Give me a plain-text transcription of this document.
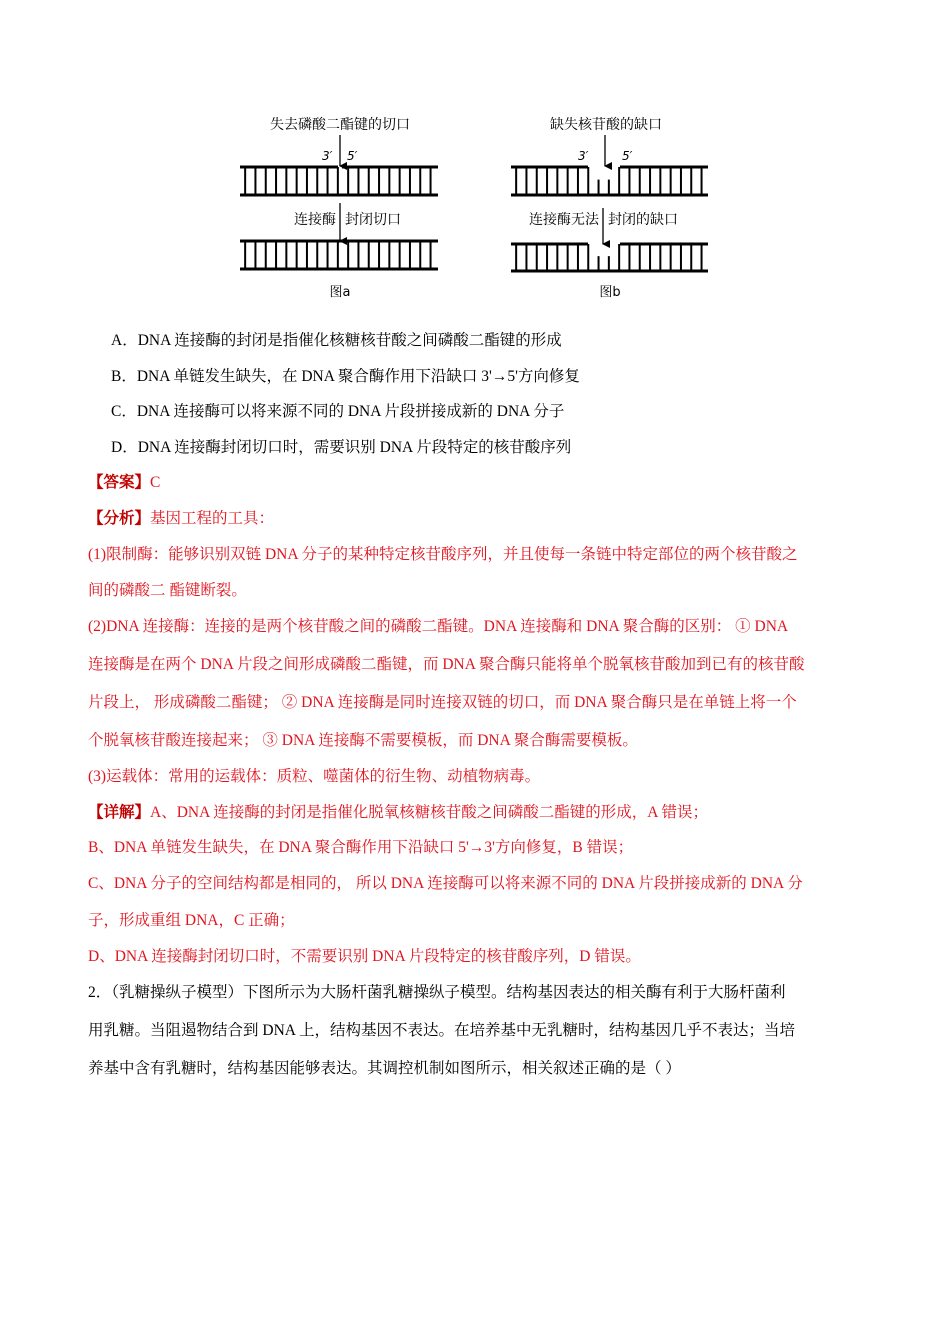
失去磷酸二酯键的切口
3′ 5′
连接酶 封闭切口
图a
缺失核苷酸的缺口
3′	5′
连接酶无法 封闭的缺口
图b
A．DNA 连接酶的封闭是指催化核糖核苷酸之间磷酸二酯键的形成
B．DNA 单链发生缺失，在 DNA 聚合酶作用下沿缺口 3'→5'方向修复
C．DNA 连接酶可以将来源不同的 DNA 片段拼接成新的 DNA 分子
D．DNA 连接酶封闭切口时，需要识别 DNA 片段特定的核苷酸序列
【答案】C
【分析】基因工程的工具：
(1)限制酶：能够识别双链 DNA 分子的某种特定核苷酸序列，并且使每一条链中特定部位的两个核苷酸之
间的磷酸二 酯键断裂。
(2)DNA 连接酶：连接的是两个核苷酸之间的磷酸二酯键。DNA 连接酶和 DNA 聚合酶的区别： ① DNA
连接酶是在两个 DNA 片段之间形成磷酸二酯键，而 DNA 聚合酶只能将单个脱氧核苷酸加到已有的核苷酸
片段上， 形成磷酸二酯键； ② DNA 连接酶是同时连接双链的切口，而 DNA 聚合酶只是在单链上将一个
个脱氧核苷酸连接起来； ③ DNA 连接酶不需要模板，而 DNA 聚合酶需要模板。
(3)运载体：常用的运载体：质粒、噬菌体的衍生物、动植物病毒。
【详解】A、DNA 连接酶的封闭是指催化脱氧核糖核苷酸之间磷酸二酯键的形成，A 错误；
B、DNA 单链发生缺失，在 DNA 聚合酶作用下沿缺口 5'→3'方向修复，B 错误；
C、DNA 分子的空间结构都是相同的， 所以 DNA 连接酶可以将来源不同的 DNA 片段拼接成新的 DNA 分
子，形成重组 DNA，C 正确；
D、DNA 连接酶封闭切口时，不需要识别 DNA 片段特定的核苷酸序列，D 错误。
2．（乳糖操纵子模型）下图所示为大肠杆菌乳糖操纵子模型。结构基因表达的相关酶有利于大肠杆菌利
用乳糖。当阻遏物结合到 DNA 上，结构基因不表达。在培养基中无乳糖时，结构基因几乎不表达；当培
养基中含有乳糖时，结构基因能够表达。其调控机制如图所示，相关叙述正确的是（ ）
